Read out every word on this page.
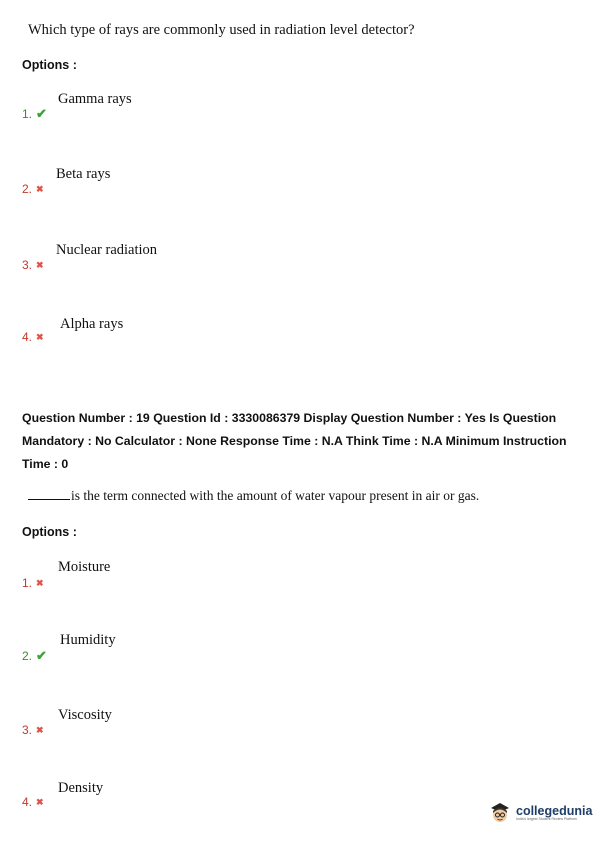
Which type of rays are commonly used in radiation level detector?
Options :
Gamma rays
1. ✔
Beta rays
2. ✖
Nuclear radiation
3. ✖
Alpha rays
4. ✖
Question Number : 19 Question Id : 3330086379 Display Question Number : Yes Is Question Mandatory : No Calculator : None Response Time : N.A Think Time : N.A Minimum Instruction Time : 0
is the term connected with the amount of water vapour present in air or gas.
Options :
Moisture
1. ✖
Humidity
2. ✔
Viscosity
3. ✖
Density
4. ✖
collegedunia
India's largest Student Review Platform
